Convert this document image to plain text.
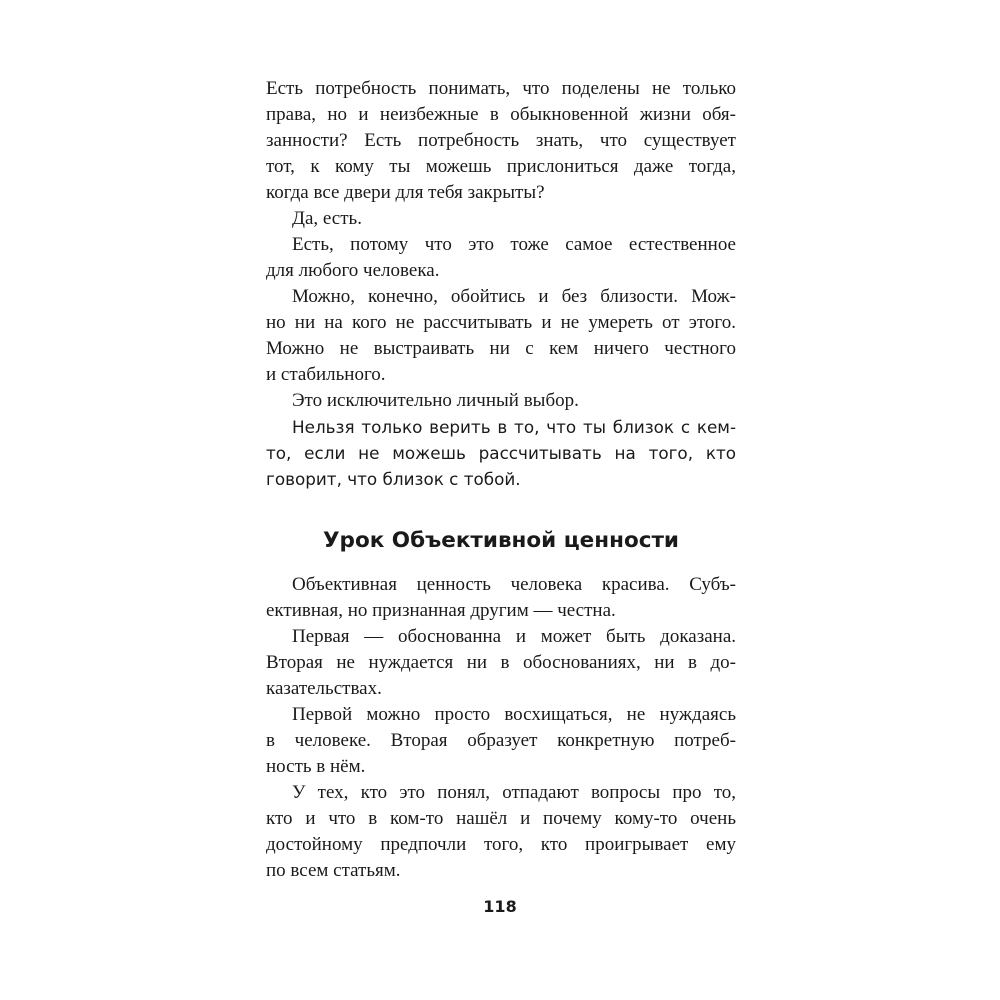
Есть потребность понимать, что поделены не только
права, но и неизбежные в обыкновенной жизни обя-
занности? Есть потребность знать, что существует
тот, к кому ты можешь прислониться даже тогда,
когда все двери для тебя закрыты?
Да, есть.
Есть, потому что это тоже самое естественное
для любого человека.
Можно, конечно, обойтись и без близости. Мож-
но ни на кого не рассчитывать и не умереть от этого.
Можно не выстраивать ни с кем ничего честного
и стабильного.
Это исключительно личный выбор.
Нельзя только верить в то, что ты близок с кем-
то, если не можешь рассчитывать на того, кто
говорит, что близок с тобой.
Урок Объективной ценности
Объективная ценность человека красива. Субъ-
ективная, но признанная другим — честна.
Первая — обоснованна и может быть доказана.
Вторая не нуждается ни в обоснованиях, ни в до-
казательствах.
Первой можно просто восхищаться, не нуждаясь
в человеке. Вторая образует конкретную потреб-
ность в нём.
У тех, кто это понял, отпадают вопросы про то,
кто и что в ком-то нашёл и почему кому-то очень
достойному предпочли того, кто проигрывает ему
по всем статьям.
118
